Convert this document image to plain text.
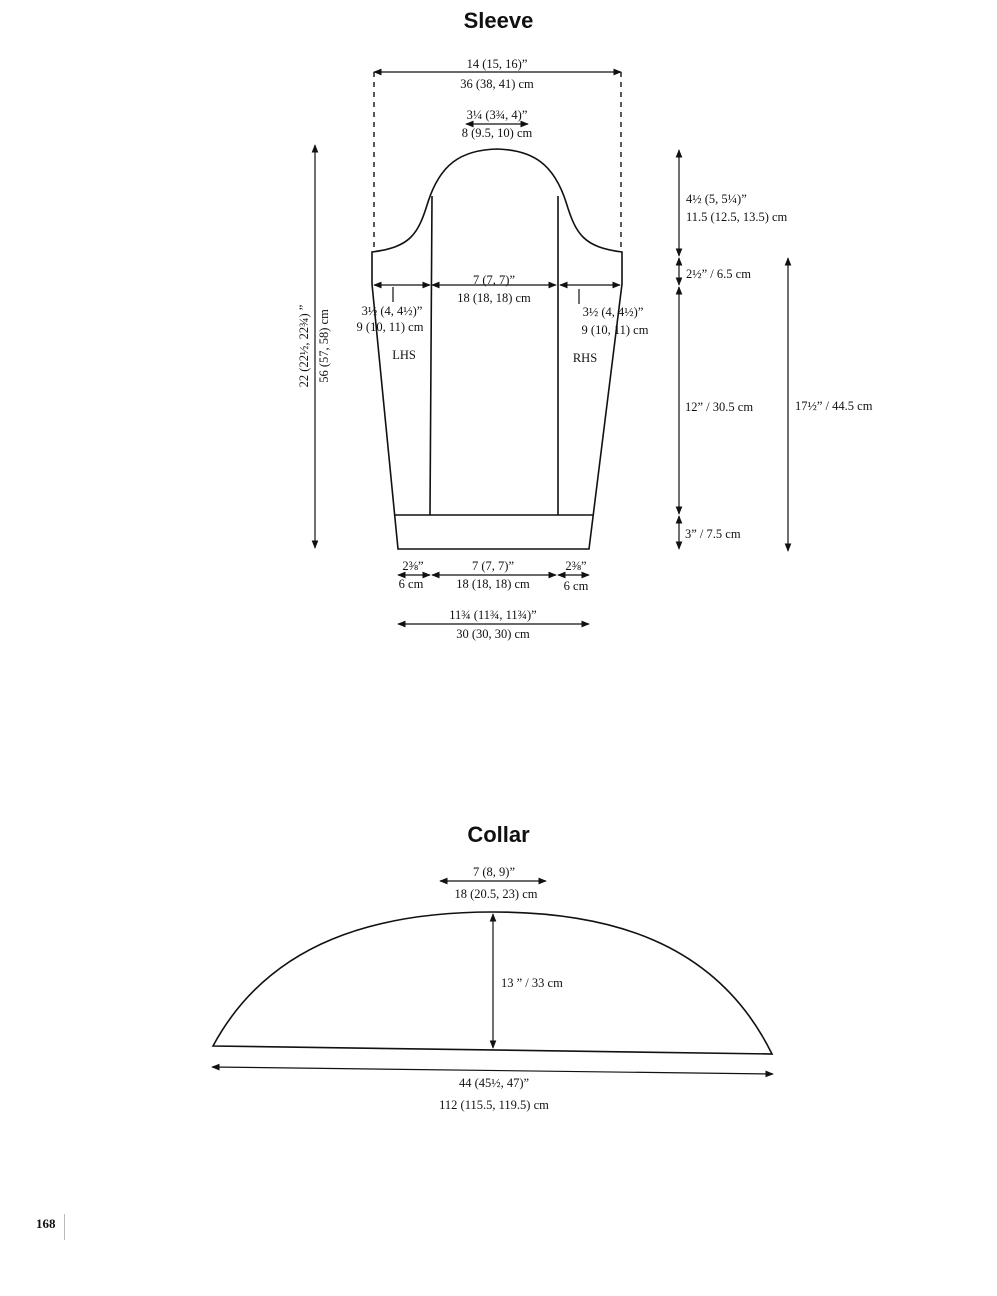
Sleeve
Collar
14 (15, 16)”
36 (38, 41) cm
3¼ (3¾, 4)”
8 (9.5, 10) cm
7 (7, 7)”
18 (18, 18) cm
3½ (4, 4½)”
9 (10, 11) cm
3½ (4, 4½)”
9 (10, 11) cm
LHS	RHS
22 (22½, 22¾) ” 56 (57, 58) cm
4½ (5, 5¼)”
11.5 (12.5, 13.5) cm
2½” / 6.5 cm
12” / 30.5 cm
3” / 7.5 cm
17½” / 44.5 cm
2⅜”
6 cm
7 (7, 7)”
18 (18, 18) cm
2⅜”
6 cm
11¾ (11¾, 11¾)”
30 (30, 30) cm
7 (8, 9)”
18 (20.5, 23) cm
13 ” / 33 cm
44 (45½, 47)”
112 (115.5, 119.5) cm
168
